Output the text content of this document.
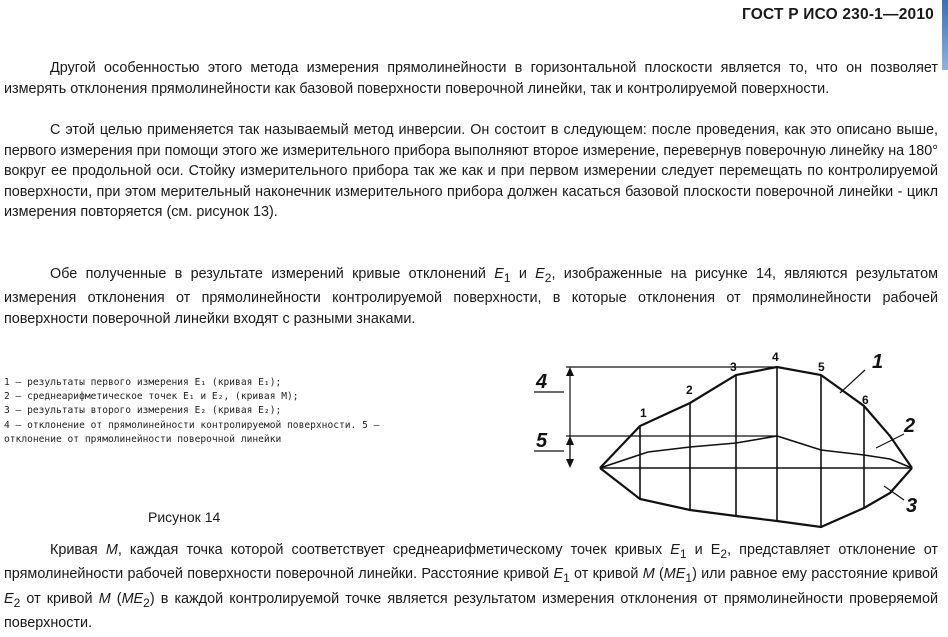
ГОСТ Р ИСО 230-1—2010
Другой особенностью этого метода измерения прямолинейности в горизонтальной плоскости является то, что он позволяет измерять отклонения прямолинейности как базовой поверхности поверочной линейки, так и контролируемой поверхности.
С этой целью применяется так называемый метод инверсии. Он состоит в следующем: после проведения, как это описано выше, первого измерения при помощи этого же измерительного прибора выполняют второе измерение, перевернув поверочную линейку на 180° вокруг ее продольной оси. Стойку измерительного прибора так же как и при первом измерении следует перемещать по контролируемой поверхности, при этом мерительный наконечник измерительного прибора должен касаться базовой плоскости поверочной линейки - цикл измерения повторяется (см. рисунок 13).
Обе полученные в результате измерений кривые отклонений $E_1$ и $E_2$, изображенные на рисунке 14, являются результатом измерения отклонения от прямолинейности контролируемой поверхности, в которые отклонения от прямолинейности рабочей поверхности поверочной линейки входят с разными знаками.
1 — результаты первого измерения E₁ (кривая E₁);
2 — среднеарифметическое точек E₁ и E₂, (кривая M);
3 — результаты второго измерения E₂ (кривая E₂);
4 — отклонение от прямолинейности контролируемой поверхности. 5 — отклонение от прямолинейности поверочной линейки
Рисунок 14
4
5
1
2
3
1
2
3
4
5
6
Кривая M, каждая точка которой соответствует среднеарифметическому точек кривых $E_1$ и $E_2$, представляет отклонение от прямолинейности рабочей поверхности поверочной линейки. Расстояние кривой $E_1$ от кривой M $(ME_1)$ или равное ему расстояние кривой $E_2$ от кривой M $(ME_2)$ в каждой контролируемой точке является результатом измерения отклонения от прямолинейности проверяемой поверхности.
